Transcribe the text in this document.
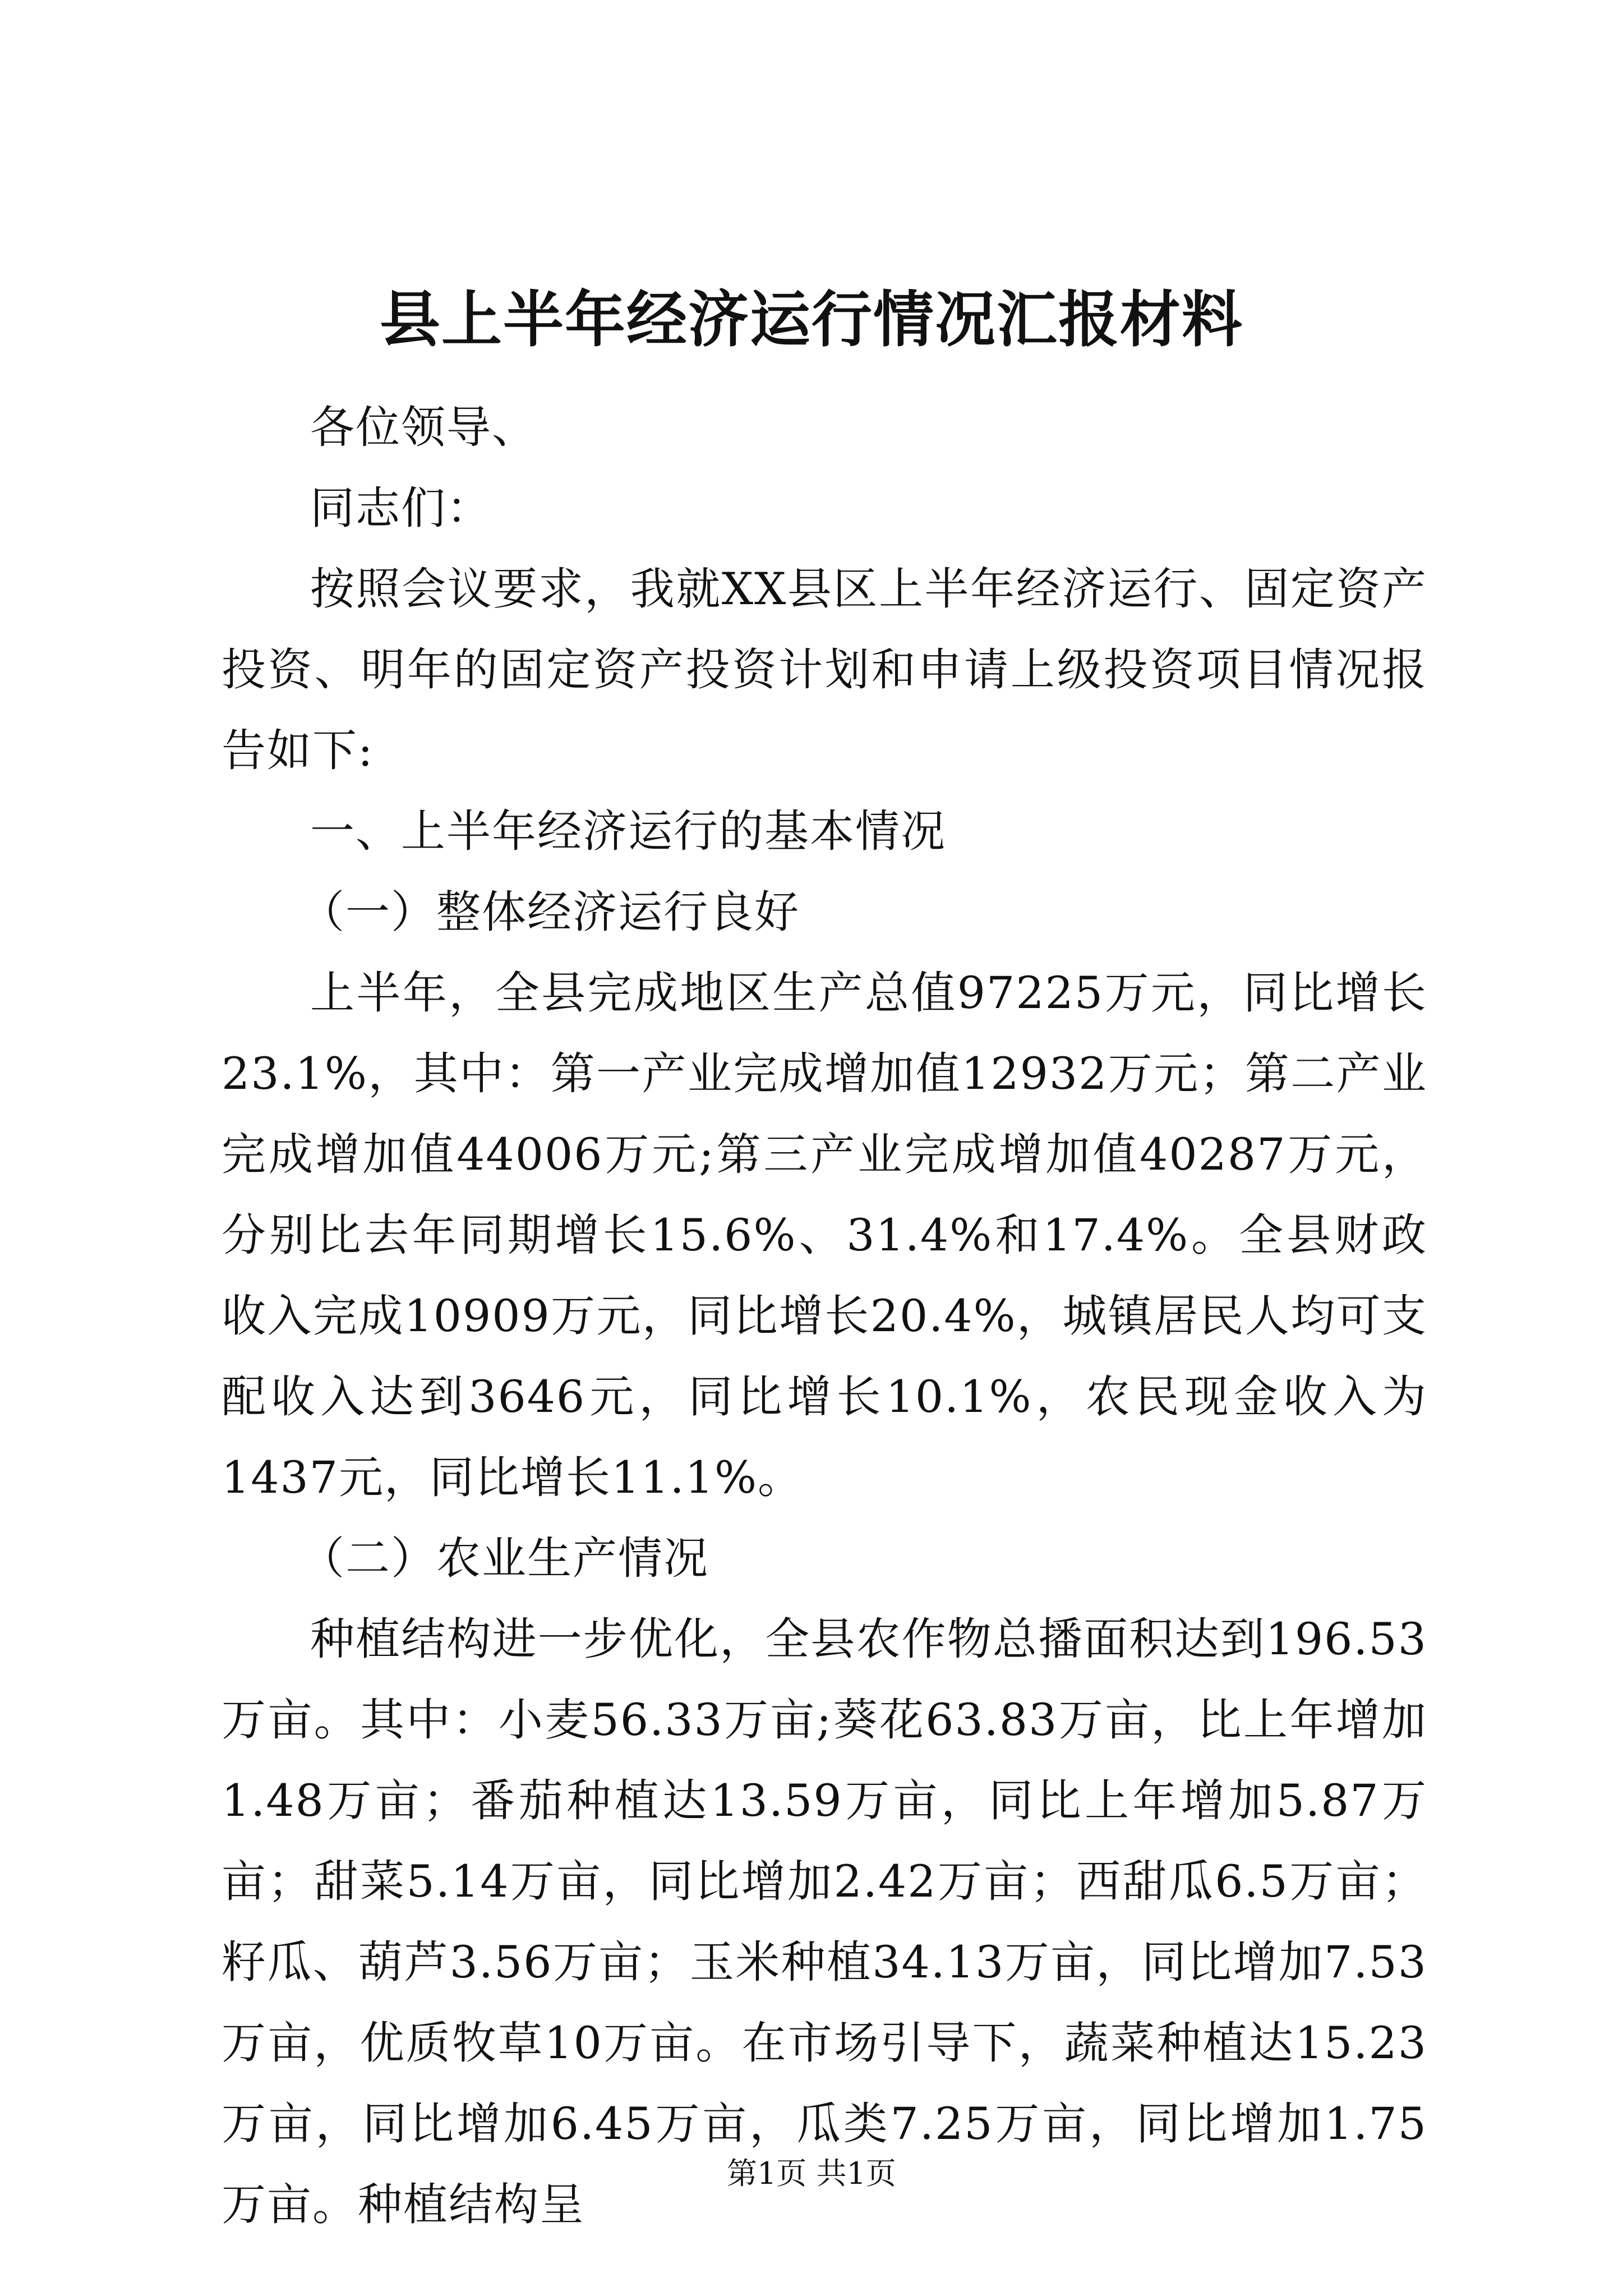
县上半年经济运行情况汇报材料

各位领导、

同志们：

按照会议要求，我就XX县区上半年经济运行、固定资产投资、明年的固定资产投资计划和申请上级投资项目情况报告如下:

一、上半年经济运行的基本情况

（一）整体经济运行良好

上半年，全县完成地区生产总值97225万元，同比增长23.1%，其中：第一产业完成增加值12932万元；第二产业完成增加值44006万元;第三产业完成增加值40287万元，分别比去年同期增长15.6%、31.4%和17.4%。全县财政收入完成10909万元，同比增长20.4%，城镇居民人均可支配收入达到3646元，同比增长10.1%，农民现金收入为1437元，同比增长11.1%。

（二）农业生产情况

种植结构进一步优化，全县农作物总播面积达到196.53万亩。其中：小麦56.33万亩;葵花63.83万亩，比上年增加1.48万亩；番茄种植达13.59万亩，同比上年增加5.87万亩；甜菜5.14万亩，同比增加2.42万亩；西甜瓜6.5万亩；籽瓜、葫芦3.56万亩；玉米种植34.13万亩，同比增加7.53万亩，优质牧草10万亩。在市场引导下，蔬菜种植达15.23万亩，同比增加6.45万亩，瓜类7.25万亩，同比增加1.75万亩。种植结构呈

第1页 共1页
